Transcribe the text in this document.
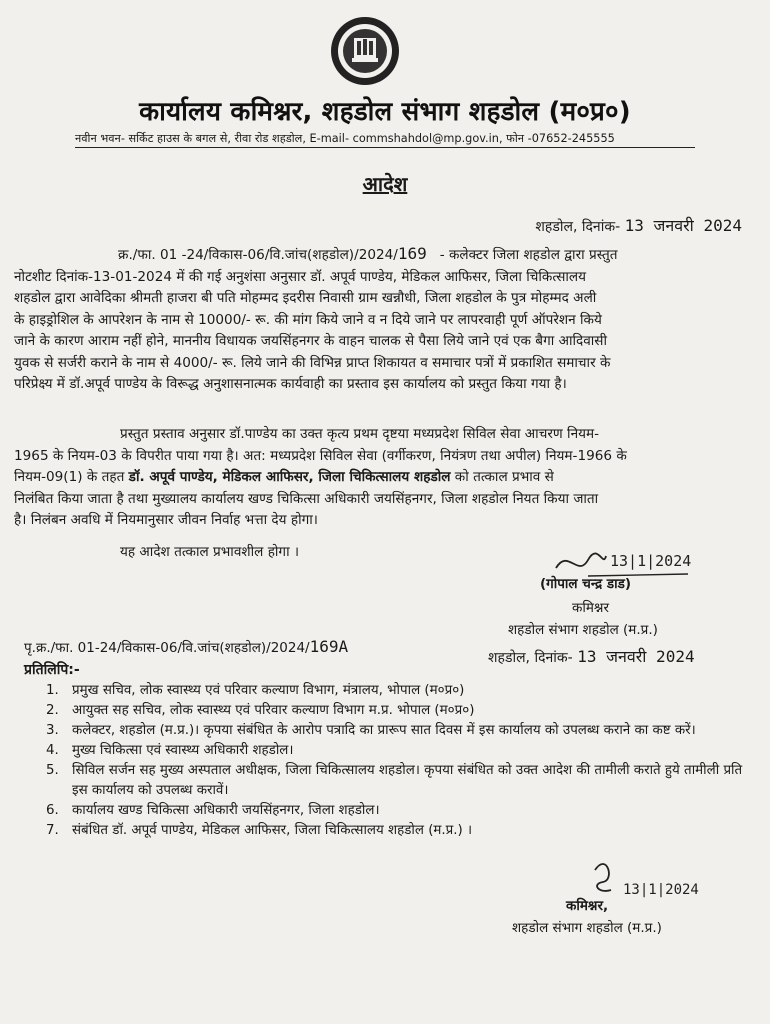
कार्यालय कमिश्नर, शहडोल संभाग शहडोल (म०प्र०)
नवीन भवन- सर्किट हाउस के बगल से, रीवा रोड शहडोल, E-mail- commshahdol@mp.gov.in, फोन -07652-245555
आदेश
शहडोल, दिनांक- 13 जनवरी 2024
क्र./फा. 01 -24/विकास-06/वि.जांच(शहडोल)/2024/169 - कलेक्टर जिला शहडोल द्वारा प्रस्तुत
नोटशीट दिनांक-13-01-2024 में की गई अनुशंसा अनुसार डॉ. अपूर्व पाण्डेय, मेडिकल आफिसर, जिला चिकित्सालय
शहडोल द्वारा आवेदिका श्रीमती हाजरा बी पति मोहम्मद इदरीस निवासी ग्राम खन्नौधी, जिला शहडोल के पुत्र मोहम्मद अली
के हाइड्रोशिल के आपरेशन के नाम से 10000/- रू. की मांग किये जाने व न दिये जाने पर लापरवाही पूर्ण ऑपरेशन किये
जाने के कारण आराम नहीं होने, माननीय विधायक जयसिंहनगर के वाहन चालक से पैसा लिये जाने एवं एक बैगा आदिवासी
युवक से सर्जरी कराने के नाम से 4000/- रू. लिये जाने की विभिन्न प्राप्त शिकायत व समाचार पत्रों में प्रकाशित समाचार के
परिप्रेक्ष्य में डॉ.अपूर्व पाण्डेय के विरूद्ध अनुशासनात्मक कार्यवाही का प्रस्ताव इस कार्यालय को प्रस्तुत किया गया है।
प्रस्तुत प्रस्ताव अनुसार डॉ.पाण्डेय का उक्त कृत्य प्रथम दृष्टया मध्यप्रदेश सिविल सेवा आचरण नियम-
1965 के नियम-03 के विपरीत पाया गया है। अत: मध्यप्रदेश सिविल सेवा (वर्गीकरण, नियंत्रण तथा अपील) नियम-1966 के
नियम-09(1) के तहत डॉ. अपूर्व पाण्डेय, मेडिकल आफिसर, जिला चिकित्सालय शहडोल को तत्काल प्रभाव से
निलंबित किया जाता है तथा मुख्यालय कार्यालय खण्ड चिकित्सा अधिकारी जयसिंहनगर, जिला शहडोल नियत किया जाता
है। निलंबन अवधि में नियमानुसार जीवन निर्वाह भत्ता देय होगा।
यह आदेश तत्काल प्रभावशील होगा ।	13|1|2024
(गोपाल चन्द्र डाड)
कमिश्नर
शहडोल संभाग शहडोल (म.प्र.)
पृ.क्र./फा. 01-24/विकास-06/वि.जांच(शहडोल)/2024/169A
शहडोल, दिनांक- 13 जनवरी 2024
प्रतिलिपि:-
1. प्रमुख सचिव, लोक स्वास्थ्य एवं परिवार कल्याण विभाग, मंत्रालय, भोपाल (म०प्र०)
2. आयुक्त सह सचिव, लोक स्वास्थ्य एवं परिवार कल्याण विभाग म.प्र. भोपाल (म०प्र०)
3. कलेक्टर, शहडोल (म.प्र.)। कृपया संबंधित के आरोप पत्रादि का प्रारूप सात दिवस में इस कार्यालय को उपलब्ध कराने का कष्ट करें।
4. मुख्य चिकित्सा एवं स्वास्थ्य अधिकारी शहडोल।
5. सिविल सर्जन सह मुख्य अस्पताल अधीक्षक, जिला चिकित्सालय शहडोल। कृपया संबंधित को उक्त आदेश की तामीली कराते हुये तामीली प्रति इस कार्यालय को उपलब्ध करावें।
6. कार्यालय खण्ड चिकित्सा अधिकारी जयसिंहनगर, जिला शहडोल।
7. संबंधित डॉ. अपूर्व पाण्डेय, मेडिकल आफिसर, जिला चिकित्सालय शहडोल (म.प्र.) ।
13|1|2024
कमिश्नर,
शहडोल संभाग शहडोल (म.प्र.)
